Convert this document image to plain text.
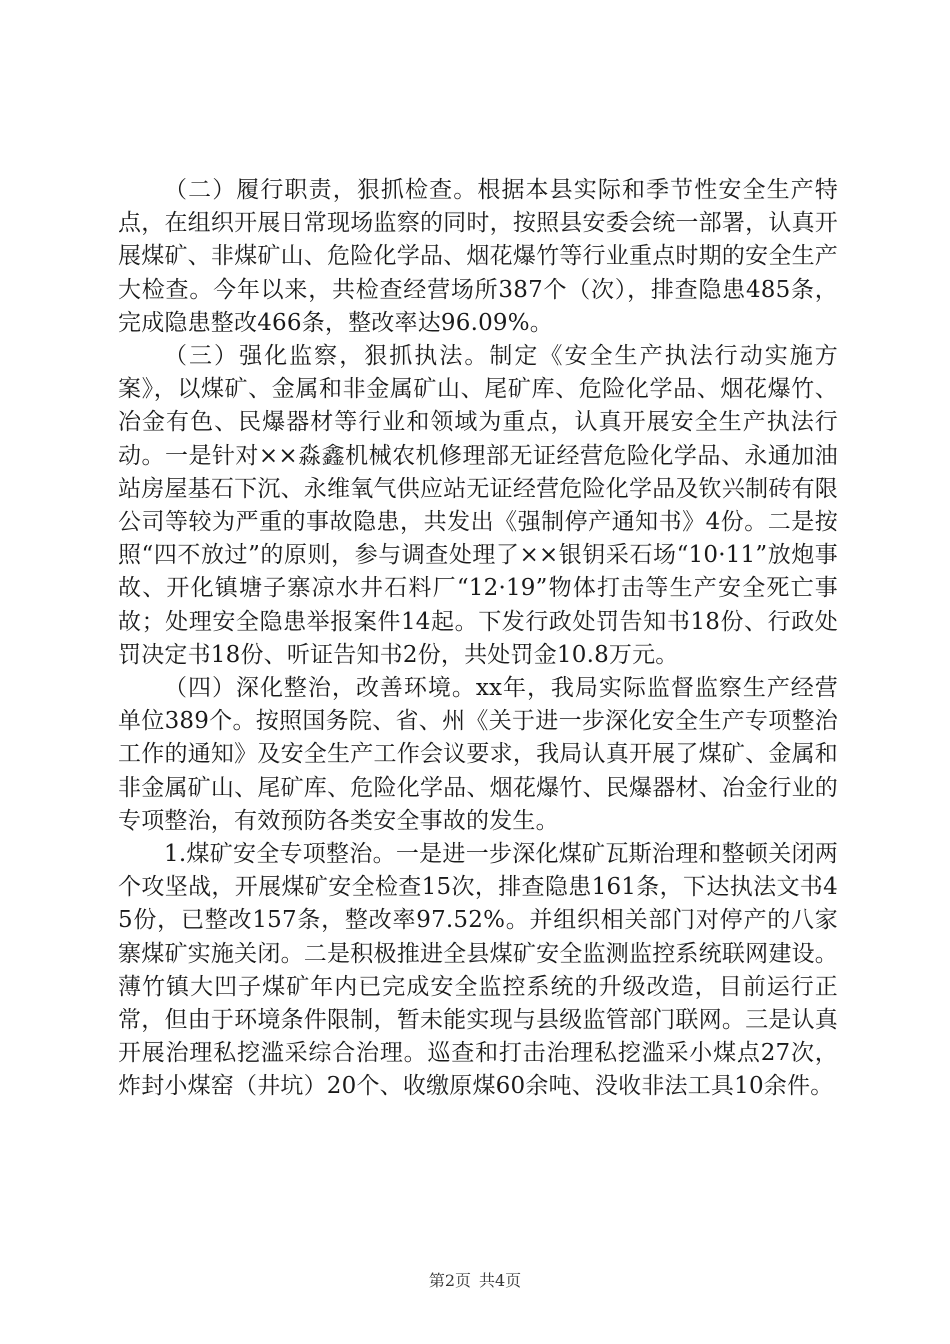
（二）履行职责，狠抓检查。根据本县实际和季节性安全生产特点，在组织开展日常现场监察的同时，按照县安委会统一部署，认真开展煤矿、非煤矿山、危险化学品、烟花爆竹等行业重点时期的安全生产大检查。今年以来，共检查经营场所387个（次），排查隐患485条，完成隐患整改466条，整改率达96.09%。

（三）强化监察，狠抓执法。制定《安全生产执法行动实施方案》，以煤矿、金属和非金属矿山、尾矿库、危险化学品、烟花爆竹、冶金有色、民爆器材等行业和领域为重点，认真开展安全生产执法行动。一是针对××淼鑫机械农机修理部无证经营危险化学品、永通加油站房屋基石下沉、永维氧气供应站无证经营危险化学品及钦兴制砖有限公司等较为严重的事故隐患，共发出《强制停产通知书》4份。二是按照“四不放过”的原则，参与调查处理了××银钥采石场“10·11”放炮事故、开化镇塘子寨凉水井石料厂“12·19”物体打击等生产安全死亡事故；处理安全隐患举报案件14起。下发行政处罚告知书18份、行政处罚决定书18份、听证告知书2份，共处罚金10.8万元。

（四）深化整治，改善环境。xx年，我局实际监督监察生产经营单位389个。按照国务院、省、州《关于进一步深化安全生产专项整治工作的通知》及安全生产工作会议要求，我局认真开展了煤矿、金属和非金属矿山、尾矿库、危险化学品、烟花爆竹、民爆器材、冶金行业的专项整治，有效预防各类安全事故的发生。

1.煤矿安全专项整治。一是进一步深化煤矿瓦斯治理和整顿关闭两个攻坚战，开展煤矿安全检查15次，排查隐患161条，下达执法文书45份，已整改157条，整改率97.52%。并组织相关部门对停产的八家寨煤矿实施关闭。二是积极推进全县煤矿安全监测监控系统联网建设。薄竹镇大凹子煤矿年内已完成安全监控系统的升级改造，目前运行正常，但由于环境条件限制，暂未能实现与县级监管部门联网。三是认真开展治理私挖滥采综合治理。巡查和打击治理私挖滥采小煤点27次，炸封小煤窑（井坑）20个、收缴原煤60余吨、没收非法工具10余件。

第2页 共4页
